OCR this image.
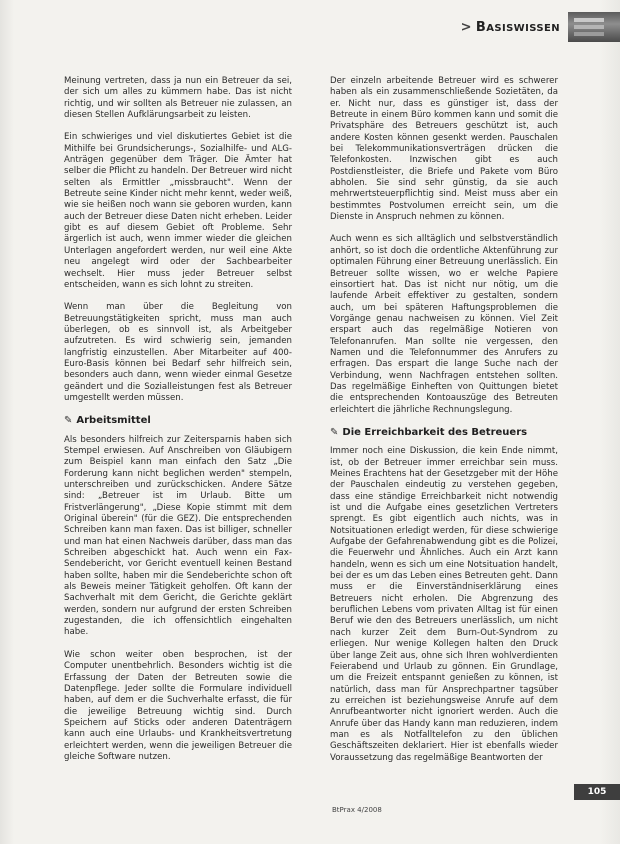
> BASISWISSEN

Meinung vertreten, dass ja nun ein Betreuer da sei, der sich um alles zu kümmern habe. Das ist nicht richtig, und wir sollten als Betreuer nie zulassen, an diesen Stellen Aufklärungsarbeit zu leisten.

Ein schwieriges und viel diskutiertes Gebiet ist die Mithilfe bei Grundsicherungs-, Sozialhilfe- und ALG-Anträgen gegenüber dem Träger. Die Ämter hat selber die Pflicht zu handeln. Der Betreuer wird nicht selten als Ermittler „missbraucht". Wenn der Betreute seine Kinder nicht mehr kennt, weder weiß, wie sie heißen noch wann sie geboren wurden, kann auch der Betreuer diese Daten nicht erheben. Leider gibt es auf diesem Gebiet oft Probleme. Sehr ärgerlich ist auch, wenn immer wieder die gleichen Unterlagen angefordert werden, nur weil eine Akte neu angelegt wird oder der Sachbearbeiter wechselt. Hier muss jeder Betreuer selbst entscheiden, wann es sich lohnt zu streiten.

Wenn man über die Begleitung von Betreuungstätigkeiten spricht, muss man auch überlegen, ob es sinnvoll ist, als Arbeitgeber aufzutreten. Es wird schwierig sein, jemanden langfristig einzustellen. Aber Mitarbeiter auf 400-Euro-Basis können bei Bedarf sehr hilfreich sein, besonders auch dann, wenn wieder einmal Gesetze geändert und die Sozialleistungen fest als Betreuer umgestellt werden müssen.

✎ Arbeitsmittel

Als besonders hilfreich zur Zeitersparnis haben sich Stempel erwiesen. Auf Anschreiben von Gläubigern zum Beispiel kann man einfach den Satz „Die Forderung kann nicht beglichen werden" stempeln, unterschreiben und zurückschicken. Andere Sätze sind: „Betreuer ist im Urlaub. Bitte um Fristverlängerung", „Diese Kopie stimmt mit dem Original überein" (für die GEZ). Die entsprechenden Schreiben kann man faxen. Das ist billiger, schneller und man hat einen Nachweis darüber, dass man das Schreiben abgeschickt hat. Auch wenn ein Fax-Sendebericht, vor Gericht eventuell keinen Bestand haben sollte, haben mir die Sendeberichte schon oft als Beweis meiner Tätigkeit geholfen. Oft kann der Sachverhalt mit dem Gericht, die Gerichte geklärt werden, sondern nur aufgrund der ersten Schreiben zugestanden, die ich offensichtlich eingehalten habe.

Wie schon weiter oben besprochen, ist der Computer unentbehrlich. Besonders wichtig ist die Erfassung der Daten der Betreuten sowie die Datenpflege. Jeder sollte die Formulare individuell haben, auf dem er die Suchverhalte erfasst, die für die jeweilige Betreuung wichtig sind. Durch Speichern auf Sticks oder anderen Datenträgern kann auch eine Urlaubs- und Krankheitsvertretung erleichtert werden, wenn die jeweiligen Betreuer die gleiche Software nutzen.

Der einzeln arbeitende Betreuer wird es schwerer haben als ein zusammenschließende Sozietäten, da er. Nicht nur, dass es günstiger ist, dass der Betreute in einem Büro kommen kann und somit die Privatsphäre des Betreuers geschützt ist, auch andere Kosten können gesenkt werden. Pauschalen bei Telekommunikationsverträgen drücken die Telefonkosten. Inzwischen gibt es auch Postdienstleister, die Briefe und Pakete vom Büro abholen. Sie sind sehr günstig, da sie auch mehrwertsteuerpflichtig sind. Meist muss aber ein bestimmtes Postvolumen erreicht sein, um die Dienste in Anspruch nehmen zu können.

Auch wenn es sich alltäglich und selbstverständlich anhört, so ist doch die ordentliche Aktenführung zur optimalen Führung einer Betreuung unerlässlich. Ein Betreuer sollte wissen, wo er welche Papiere einsortiert hat. Das ist nicht nur nötig, um die laufende Arbeit effektiver zu gestalten, sondern auch, um bei späteren Haftungsproblemen die Vorgänge genau nachweisen zu können. Viel Zeit erspart auch das regelmäßige Notieren von Telefonanrufen. Man sollte nie vergessen, den Namen und die Telefonnummer des Anrufers zu erfragen. Das erspart die lange Suche nach der Verbindung, wenn Nachfragen entstehen sollten. Das regelmäßige Einheften von Quittungen bietet die entsprechenden Kontoauszüge des Betreuten erleichtert die jährliche Rechnungslegung.

✎ Die Erreichbarkeit des Betreuers

Immer noch eine Diskussion, die kein Ende nimmt, ist, ob der Betreuer immer erreichbar sein muss. Meines Erachtens hat der Gesetzgeber mit der Höhe der Pauschalen eindeutig zu verstehen gegeben, dass eine ständige Erreichbarkeit nicht notwendig ist und die Aufgabe eines gesetzlichen Vertreters sprengt. Es gibt eigentlich auch nichts, was in Notsituationen erledigt werden, für diese schwierige Aufgabe der Gefahrenabwendung gibt es die Polizei, die Feuerwehr und Ähnliches. Auch ein Arzt kann handeln, wenn es sich um eine Notsituation handelt, bei der es um das Leben eines Betreuten geht. Dann muss er die Einverständniserklärung eines Betreuers nicht erholen. Die Abgrenzung des beruflichen Lebens vom privaten Alltag ist für einen Beruf wie den des Betreuers unerlässlich, um nicht nach kurzer Zeit dem Burn-Out-Syndrom zu erliegen. Nur wenige Kollegen halten den Druck über lange Zeit aus, ohne sich Ihren wohlverdienten Feierabend und Urlaub zu gönnen. Ein Grundlage, um die Freizeit entspannt genießen zu können, ist natürlich, dass man für Ansprechpartner tagsüber zu erreichen ist beziehungsweise Anrufe auf dem Anrufbeantworter nicht ignoriert werden. Auch die Anrufe über das Handy kann man reduzieren, indem man es als Notfalltelefon zu den üblichen Geschäftszeiten deklariert. Hier ist ebenfalls wieder Voraussetzung das regelmäßige Beantworten der

BtPrax 4/2008
105
